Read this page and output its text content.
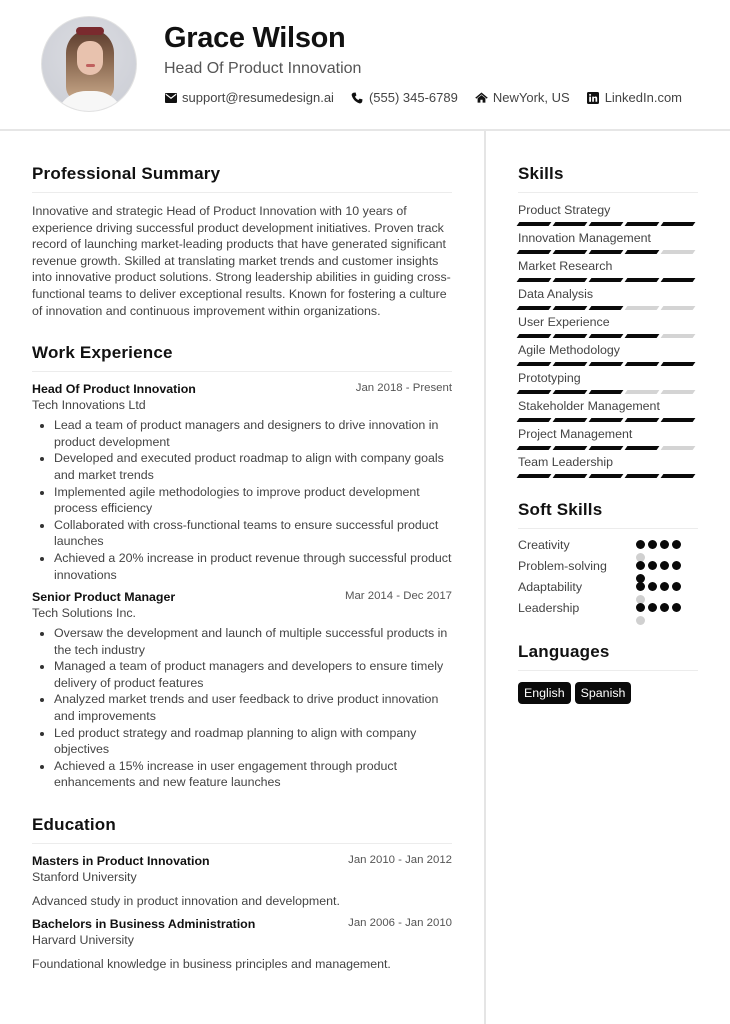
Grace Wilson
Head Of Product Innovation
support@resumedesign.ai	(555) 345-6789	NewYork, US	LinkedIn.com
Professional Summary
Innovative and strategic Head of Product Innovation with 10 years of experience driving successful product development initiatives. Proven track record of launching market-leading products that have generated significant revenue growth. Skilled at translating market trends and customer insights into innovative product solutions. Strong leadership abilities in guiding cross-functional teams to deliver exceptional results. Known for fostering a culture of innovation and continuous improvement within organizations.
Work Experience
Head Of Product Innovation	Jan 2018 - Present
Tech Innovations Ltd
Lead a team of product managers and designers to drive innovation in product development
Developed and executed product roadmap to align with company goals and market trends
Implemented agile methodologies to improve product development process efficiency
Collaborated with cross-functional teams to ensure successful product launches
Achieved a 20% increase in product revenue through successful product innovations
Senior Product Manager	Mar 2014 - Dec 2017
Tech Solutions Inc.
Oversaw the development and launch of multiple successful products in the tech industry
Managed a team of product managers and developers to ensure timely delivery of product features
Analyzed market trends and user feedback to drive product innovation and improvements
Led product strategy and roadmap planning to align with company objectives
Achieved a 15% increase in user engagement through product enhancements and new feature launches
Education
Masters in Product Innovation	Jan 2010 - Jan 2012
Stanford University
Advanced study in product innovation and development.
Bachelors in Business Administration	Jan 2006 - Jan 2010
Harvard University
Foundational knowledge in business principles and management.
Skills
Product Strategy
Innovation Management
Market Research
Data Analysis
User Experience
Agile Methodology
Prototyping
Stakeholder Management
Project Management
Team Leadership
Soft Skills
Creativity
Problem-solving
Adaptability
Leadership
Languages
English	Spanish
